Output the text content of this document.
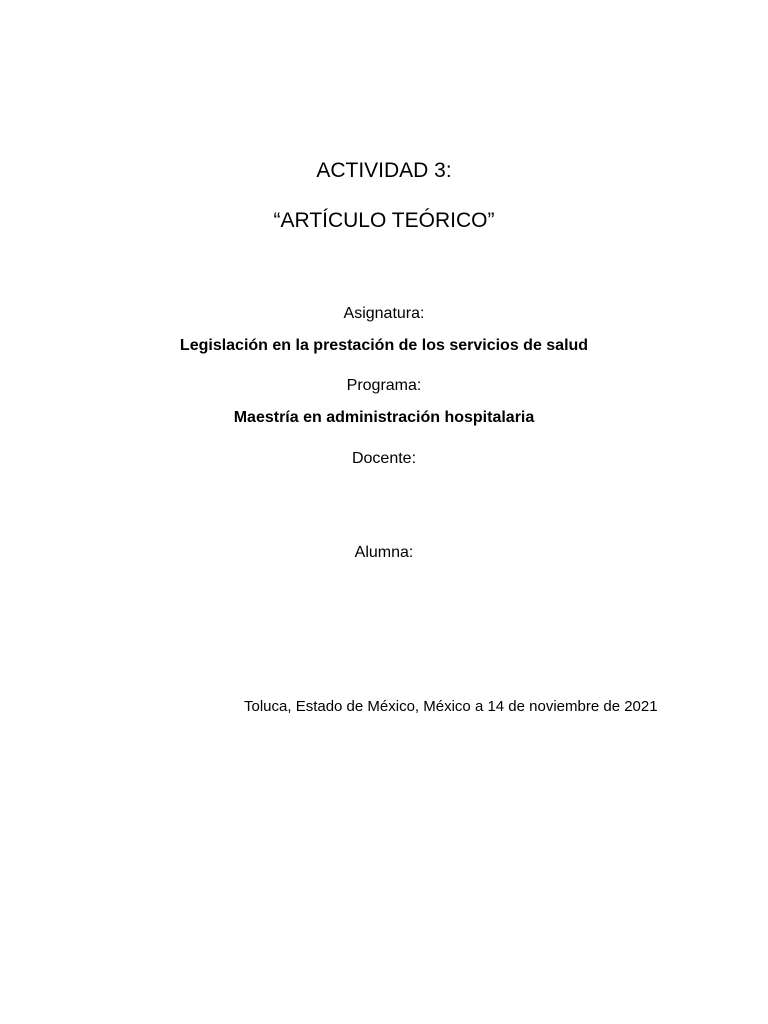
ACTIVIDAD 3:
“ARTÍCULO TEÓRICO”
Asignatura:
Legislación en la prestación de los servicios de salud
Programa:
Maestría en administración hospitalaria
Docente:
Alumna:
Toluca, Estado de México, México a 14 de noviembre de 2021
